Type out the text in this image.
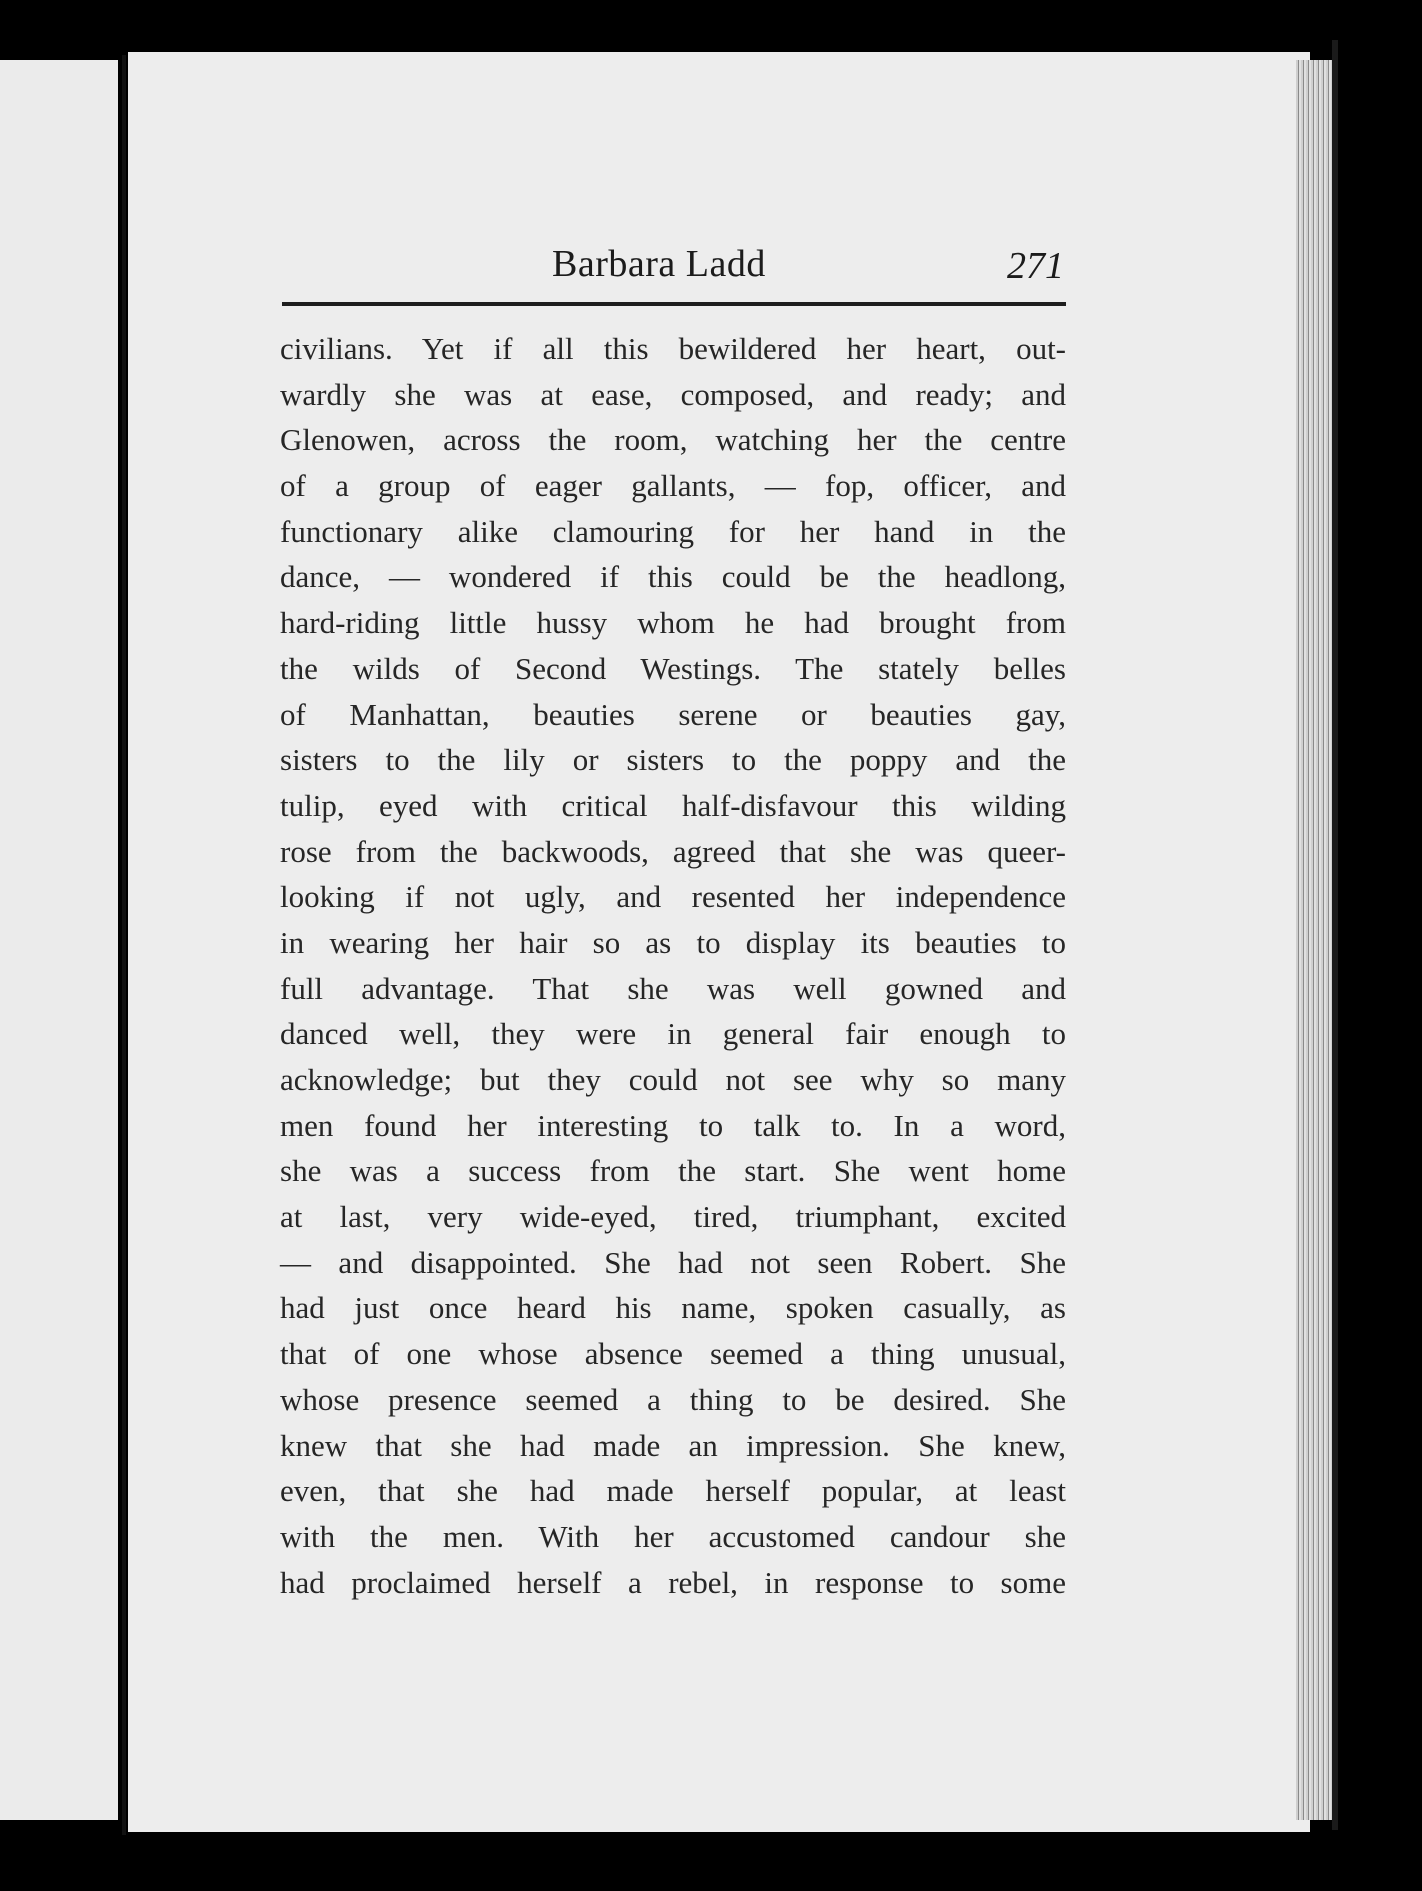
Barbara Ladd	271
civilians. Yet if all this bewildered her heart, out-
wardly she was at ease, composed, and ready; and
Glenowen, across the room, watching her the centre
of a group of eager gallants, — fop, officer, and
functionary alike clamouring for her hand in the
dance, — wondered if this could be the headlong,
hard-riding little hussy whom he had brought from
the wilds of Second Westings. The stately belles
of Manhattan, beauties serene or beauties gay,
sisters to the lily or sisters to the poppy and the
tulip, eyed with critical half-disfavour this wilding
rose from the backwoods, agreed that she was queer-
looking if not ugly, and resented her independence
in wearing her hair so as to display its beauties to
full advantage. That she was well gowned and
danced well, they were in general fair enough to
acknowledge; but they could not see why so many
men found her interesting to talk to. In a word,
she was a success from the start. She went home
at last, very wide-eyed, tired, triumphant, excited
— and disappointed. She had not seen Robert. She
had just once heard his name, spoken casually, as
that of one whose absence seemed a thing unusual,
whose presence seemed a thing to be desired. She
knew that she had made an impression. She knew,
even, that she had made herself popular, at least
with the men. With her accustomed candour she
had proclaimed herself a rebel, in response to some
